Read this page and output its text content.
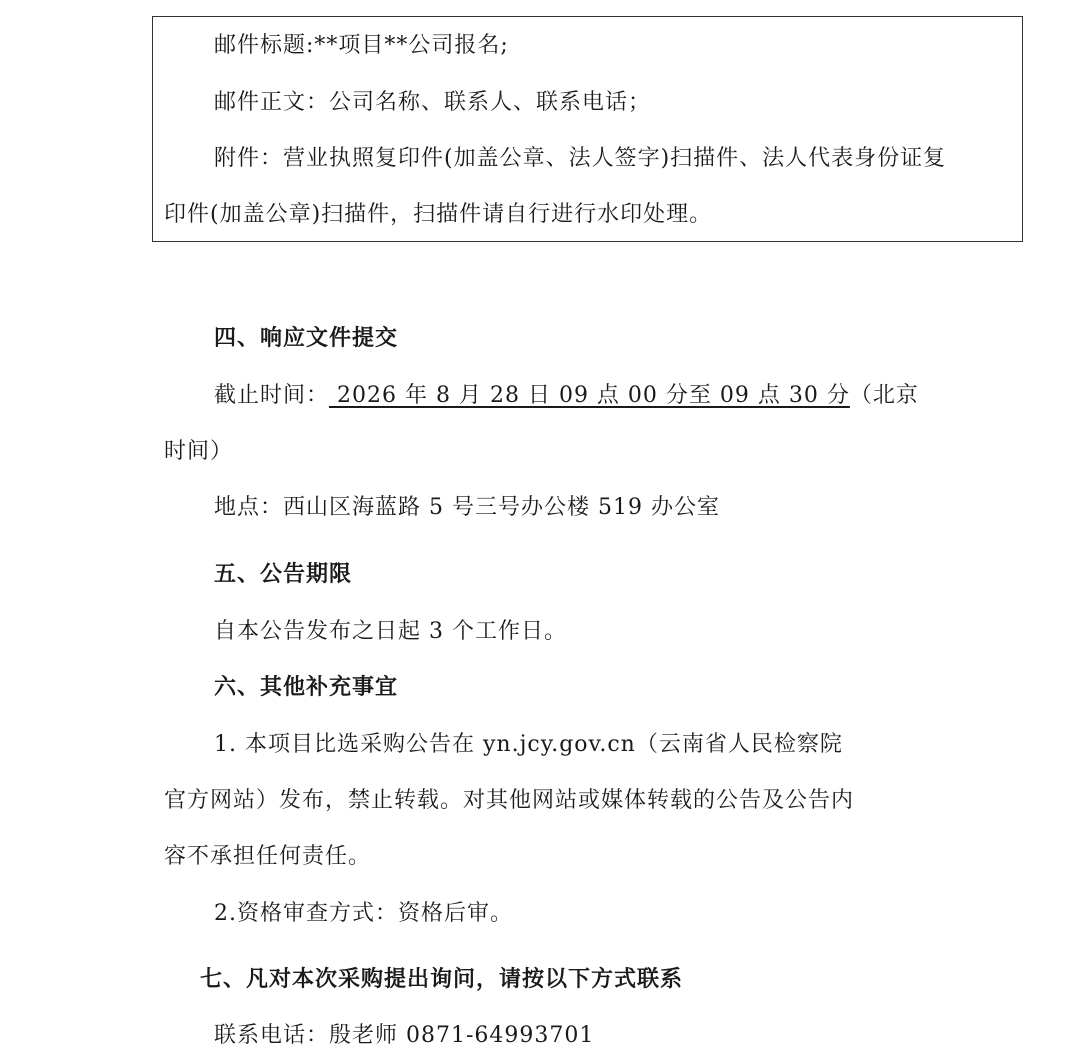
邮件标题:**项目**公司报名;
邮件正文：公司名称、联系人、联系电话；
附件：营业执照复印件(加盖公章、法人签字)扫描件、法人代表身份证复
印件(加盖公章)扫描件，扫描件请自行进行水印处理。
四、响应文件提交
截止时间： 2026 年 8 月 28 日 09 点 00 分至 09 点 30 分（北京
时间）
地点：西山区海蓝路 5 号三号办公楼 519 办公室
五、公告期限
自本公告发布之日起 3 个工作日。
六、其他补充事宜
1. 本项目比选采购公告在 yn.jcy.gov.cn（云南省人民检察院
官方网站）发布，禁止转载。对其他网站或媒体转载的公告及公告内
容不承担任何责任。
2.资格审查方式：资格后审。
七、凡对本次采购提出询问，请按以下方式联系
联系电话：殷老师 0871-64993701
